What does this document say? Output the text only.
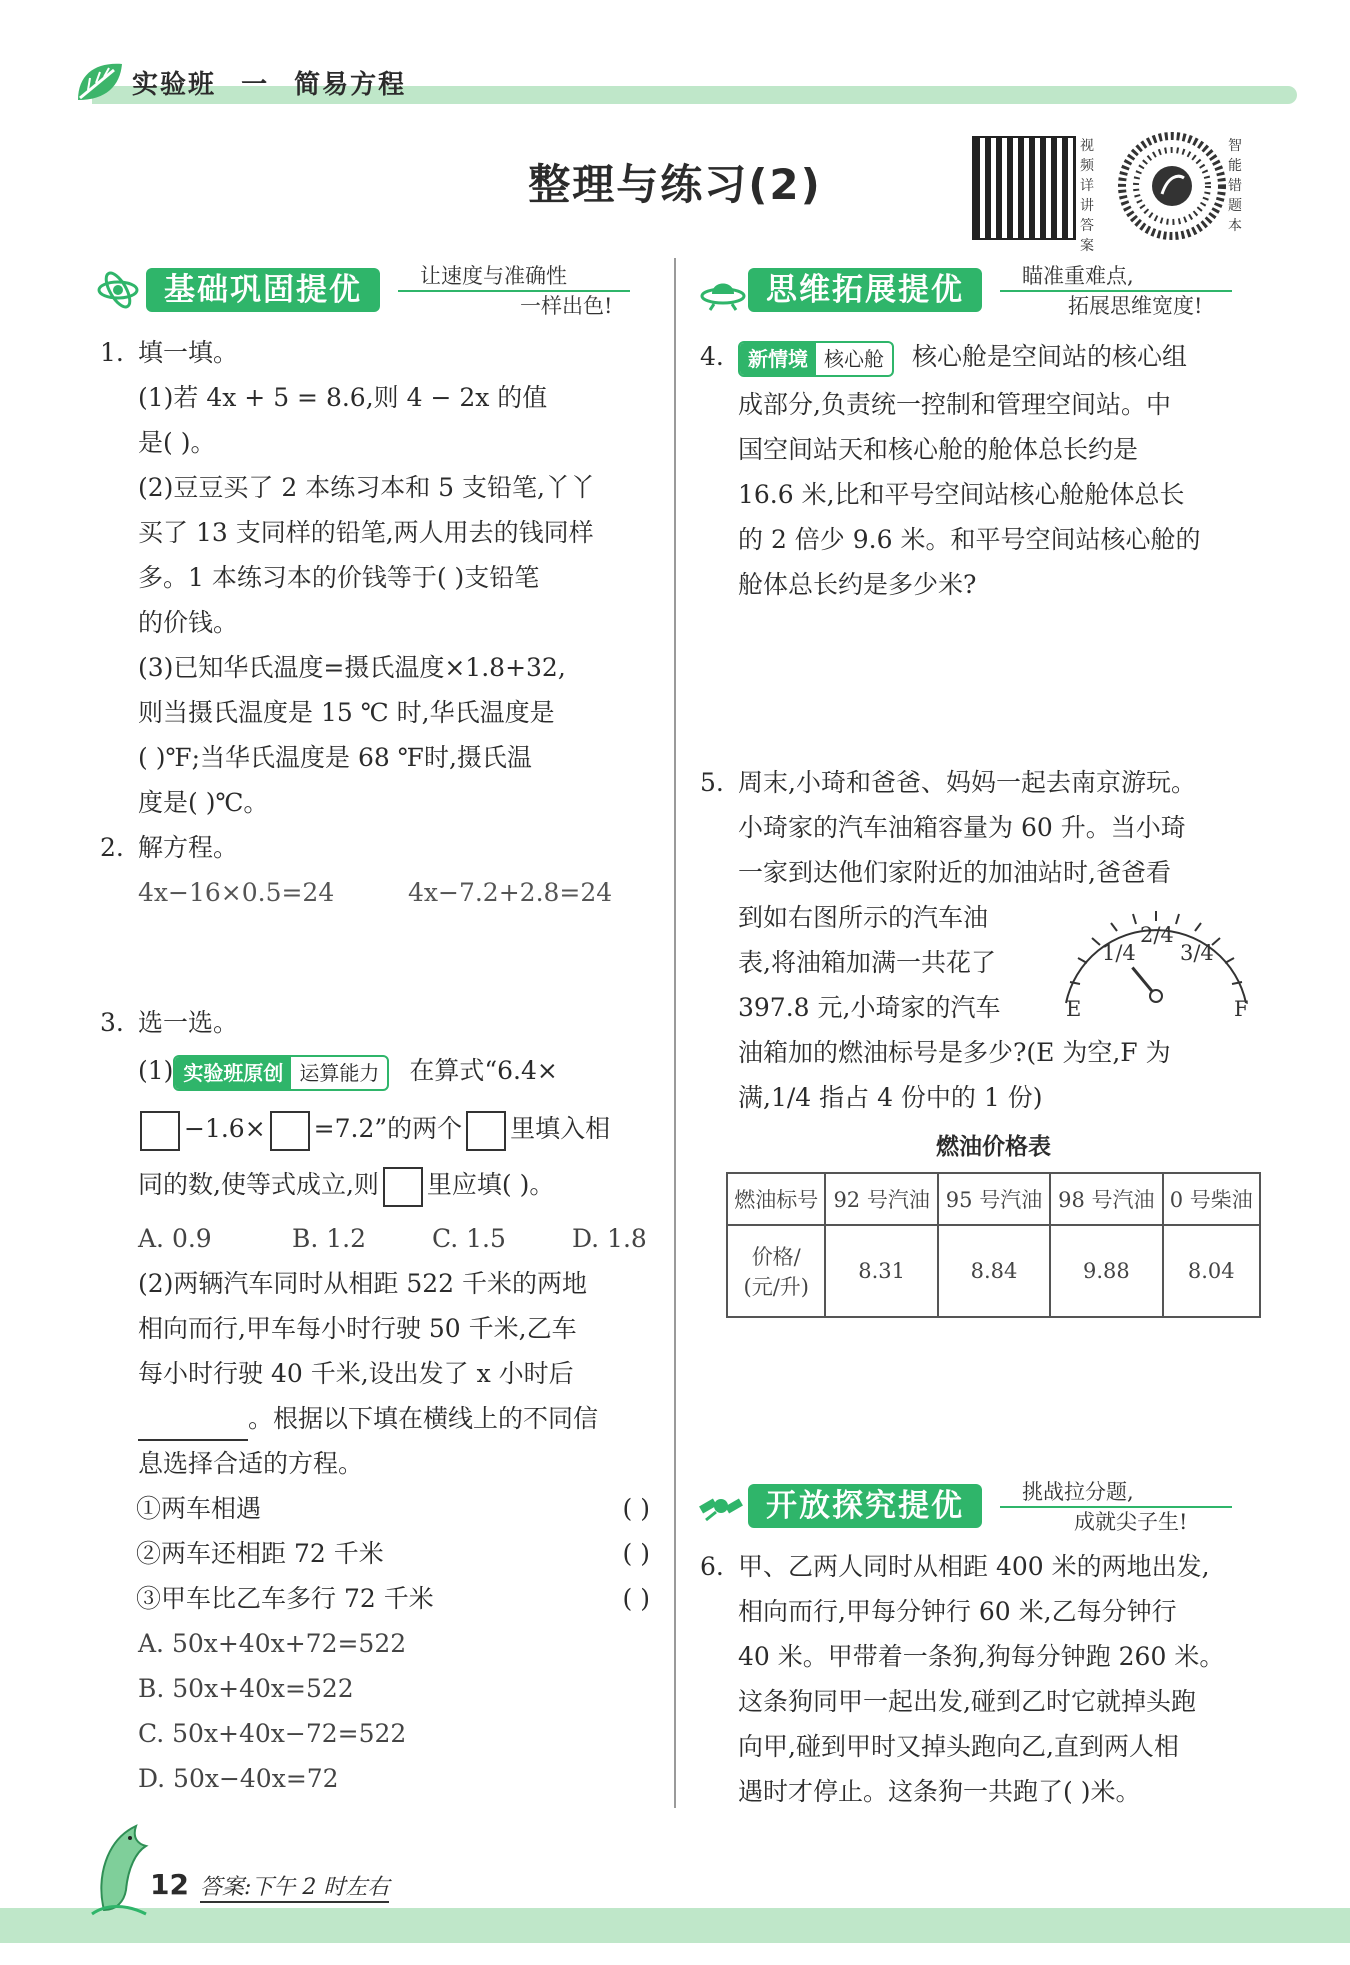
实验班 一 简易方程
整理与练习(2)
视
频
详
讲
答
案
智
能
错
题
本
基础巩固提优	让速度与准确性
一样出色!
1. 填一填。
(1)若 4x + 5 = 8.6,则 4 − 2x 的值
是( )。
(2)豆豆买了 2 本练习本和 5 支铅笔,丫丫
买了 13 支同样的铅笔,两人用去的钱同样
多。1 本练习本的价钱等于( )支铅笔
的价钱。
(3)已知华氏温度=摄氏温度×1.8+32,
则当摄氏温度是 15 ℃ 时,华氏温度是
( )℉;当华氏温度是 68 ℉时,摄氏温
度是( )℃。
2. 解方程。
4x−16×0.5=24	4x−7.2+2.8=24
3. 选一选。
(1) 实验班原创 运算能力 在算式“6.4×
−1.6× =7.2”的两个 里填入相
同的数,使等式成立,则 里应填( )。
A. 0.9	B. 1.2	C. 1.5	D. 1.8
(2)两辆汽车同时从相距 522 千米的两地
相向而行,甲车每小时行驶 50 千米,乙车
每小时行驶 40 千米,设出发了 x 小时后
。根据以下填在横线上的不同信
息选择合适的方程。
①两车相遇	( )
②两车还相距 72 千米	( )
③甲车比乙车多行 72 千米	( )
A. 50x+40x+72=522
B. 50x+40x=522
C. 50x+40x−72=522
D. 50x−40x=72
思维拓展提优	瞄准重难点,
拓展思维宽度!
4.	新情境 核心舱 核心舱是空间站的核心组
成部分,负责统一控制和管理空间站。中
国空间站天和核心舱的舱体总长约是
16.6 米,比和平号空间站核心舱舱体总长
的 2 倍少 9.6 米。和平号空间站核心舱的
舱体总长约是多少米?
5. 周末,小琦和爸爸、妈妈一起去南京游玩。
小琦家的汽车油箱容量为 60 升。当小琦
一家到达他们家附近的加油站时,爸爸看
到如右图所示的汽车油
表,将油箱加满一共花了
397.8 元,小琦家的汽车
油箱加的燃油标号是多少?(E 为空,F 为
满,1/4 指占 4 份中的 1 份)
1/4
2/4
3/4
E	F
燃油价格表
燃油标号	92 号汽油	95 号汽油	98 号汽油	0 号柴油

价格/
(元/升)	8.31	8.84	9.88	8.04
开放探究提优	挑战拉分题,
成就尖子生!
6. 甲、乙两人同时从相距 400 米的两地出发,
相向而行,甲每分钟行 60 米,乙每分钟行
40 米。甲带着一条狗,狗每分钟跑 260 米。
这条狗同甲一起出发,碰到乙时它就掉头跑
向甲,碰到甲时又掉头跑向乙,直到两人相
遇时才停止。这条狗一共跑了( )米。
12 答案:下午 2 时左右
